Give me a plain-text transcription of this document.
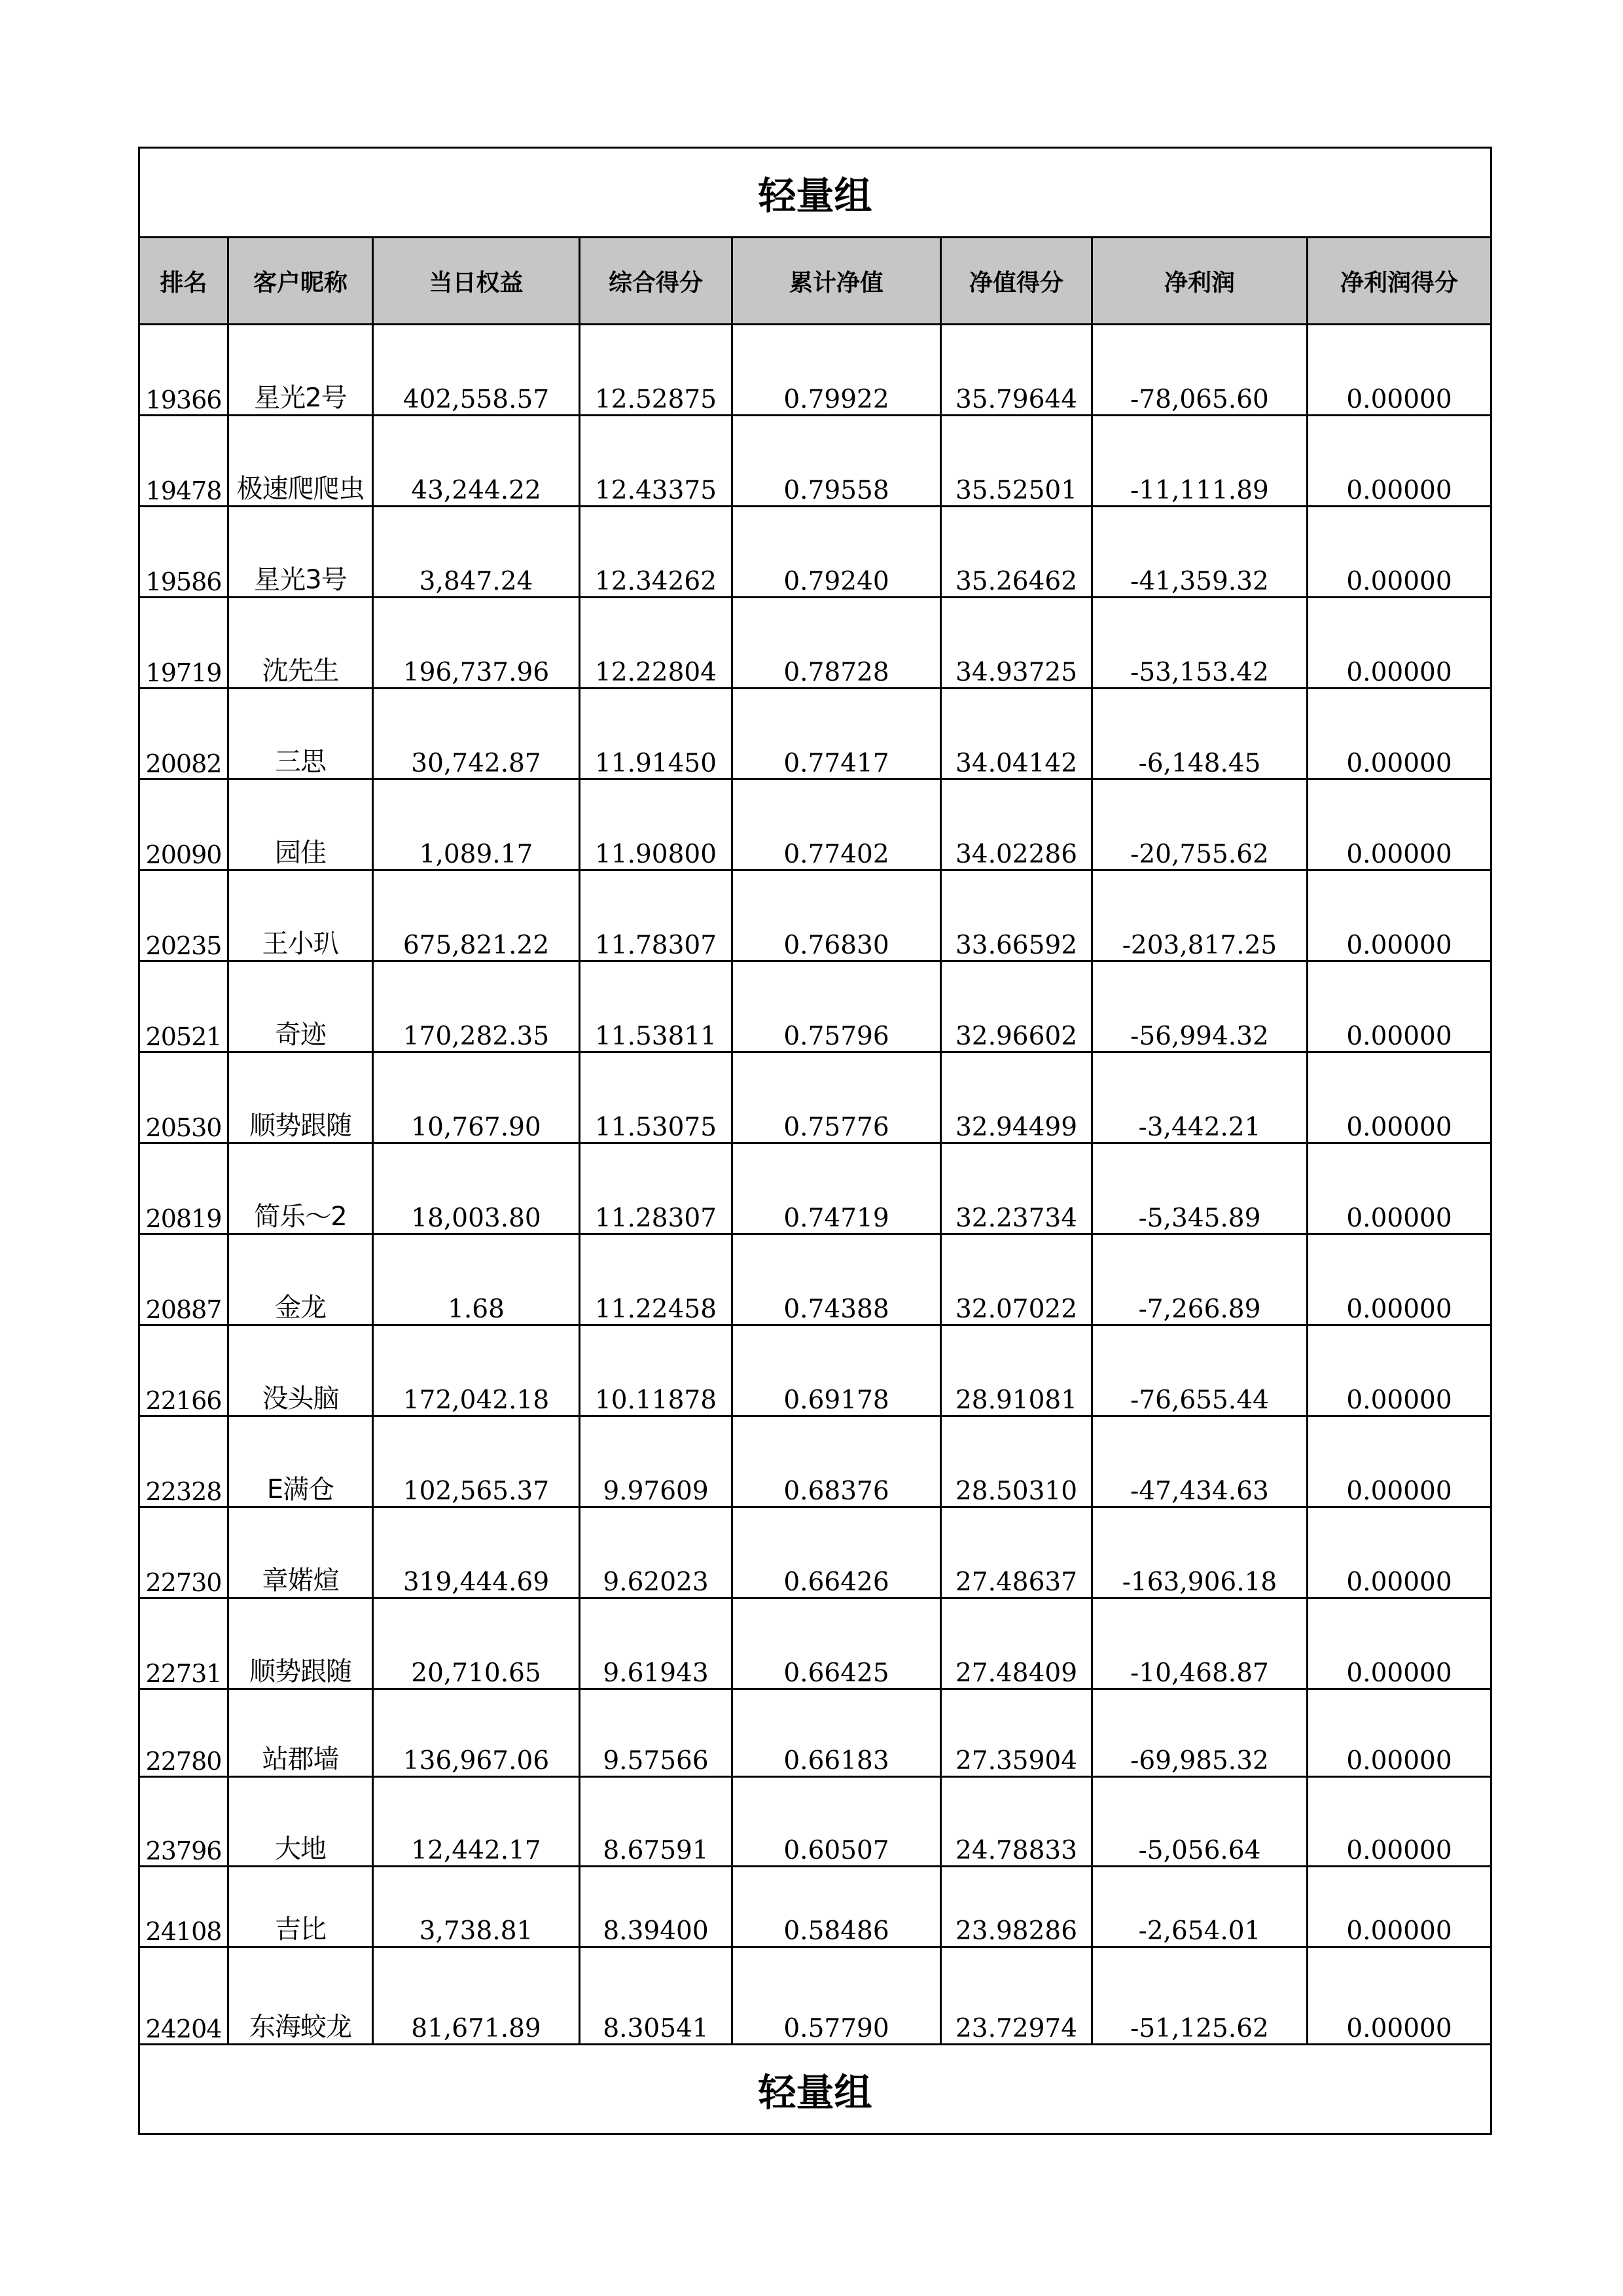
轻量组							
排名	客户昵称	当日权益	综合得分	累计净值	净值得分	净利润	净利润得分
19366	星光2号	402,558.57	12.52875	0.79922	35.79644	-78,065.60	0.00000
19478	极速爬爬虫	43,244.22	12.43375	0.79558	35.52501	-11,111.89	0.00000
19586	星光3号	3,847.24	12.34262	0.79240	35.26462	-41,359.32	0.00000
19719	沈先生	196,737.96	12.22804	0.78728	34.93725	-53,153.42	0.00000
20082	三思	30,742.87	11.91450	0.77417	34.04142	-6,148.45	0.00000
20090	园佳	1,089.17	11.90800	0.77402	34.02286	-20,755.62	0.00000
20235	王小玐	675,821.22	11.78307	0.76830	33.66592	-203,817.25	0.00000
20521	奇迹	170,282.35	11.53811	0.75796	32.96602	-56,994.32	0.00000
20530	顺势跟随	10,767.90	11.53075	0.75776	32.94499	-3,442.21	0.00000
20819	简乐～2	18,003.80	11.28307	0.74719	32.23734	-5,345.89	0.00000
20887	金龙	1.68	11.22458	0.74388	32.07022	-7,266.89	0.00000
22166	没头脑	172,042.18	10.11878	0.69178	28.91081	-76,655.44	0.00000
22328	E满仓	102,565.37	9.97609	0.68376	28.50310	-47,434.63	0.00000
22730	章婼煊	319,444.69	9.62023	0.66426	27.48637	-163,906.18	0.00000
22731	顺势跟随	20,710.65	9.61943	0.66425	27.48409	-10,468.87	0.00000
22780	站郡墙	136,967.06	9.57566	0.66183	27.35904	-69,985.32	0.00000
23796	大地	12,442.17	8.67591	0.60507	24.78833	-5,056.64	0.00000
24108	吉比	3,738.81	8.39400	0.58486	23.98286	-2,654.01	0.00000
24204	东海蛟龙	81,671.89	8.30541	0.57790	23.72974	-51,125.62	0.00000
轻量组							
